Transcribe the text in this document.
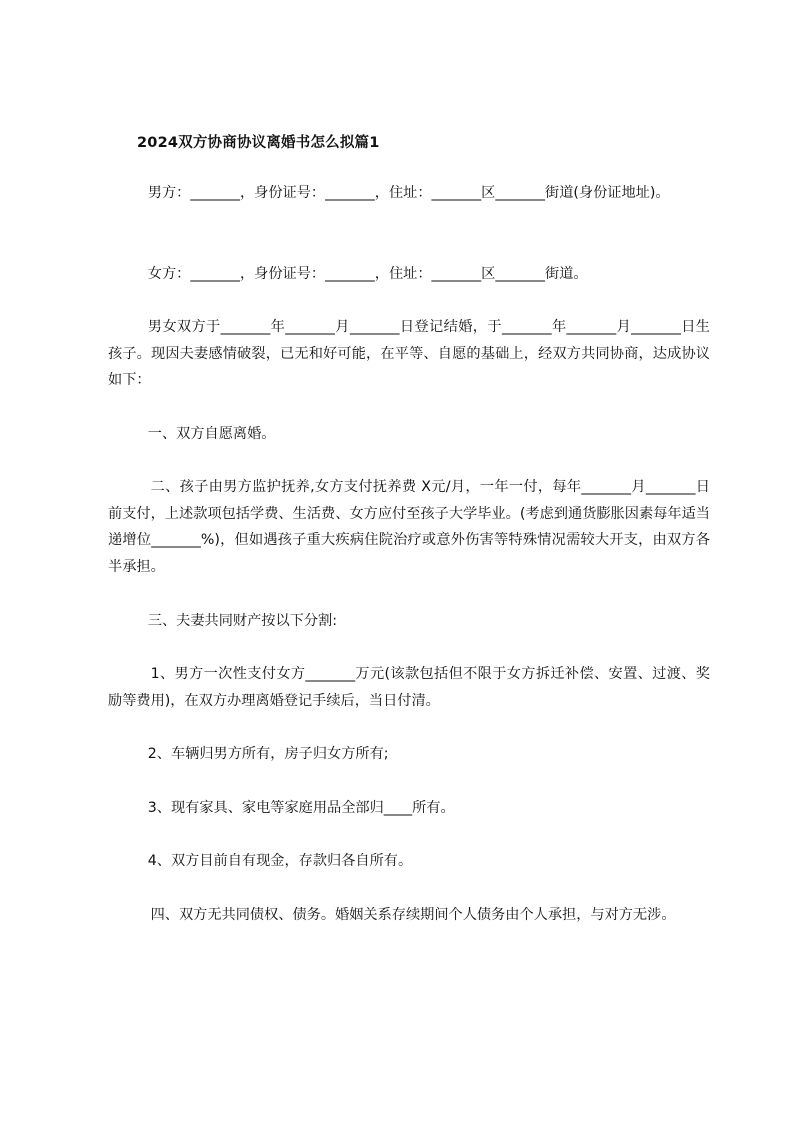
2024双方协商协议离婚书怎么拟篇1

男方：_______，身份证号：_______，住址：_______区_______街道(身份证地址)。

女方：_______，身份证号：_______，住址：_______区_______街道。

男女双方于_______年_______月_______日登记结婚，于_______年_______月_______日生孩子。现因夫妻感情破裂，已无和好可能，在平等、自愿的基础上，经双方共同协商，达成协议如下：

一、双方自愿离婚。

二、孩子由男方监护抚养,女方支付抚养费 X元/月，一年一付，每年_______月_______日前支付，上述款项包括学费、生活费、女方应付至孩子大学毕业。(考虑到通货膨胀因素每年适当递增位_______%)，但如遇孩子重大疾病住院治疗或意外伤害等特殊情况需较大开支，由双方各半承担。

三、夫妻共同财产按以下分割:

1、男方一次性支付女方_______万元(该款包括但不限于女方拆迁补偿、安置、过渡、奖励等费用)，在双方办理离婚登记手续后，当日付清。

2、车辆归男方所有，房子归女方所有;

3、现有家具、家电等家庭用品全部归____所有。

4、双方目前自有现金，存款归各自所有。

四、双方无共同债权、债务。婚姻关系存续期间个人债务由个人承担，与对方无涉。
